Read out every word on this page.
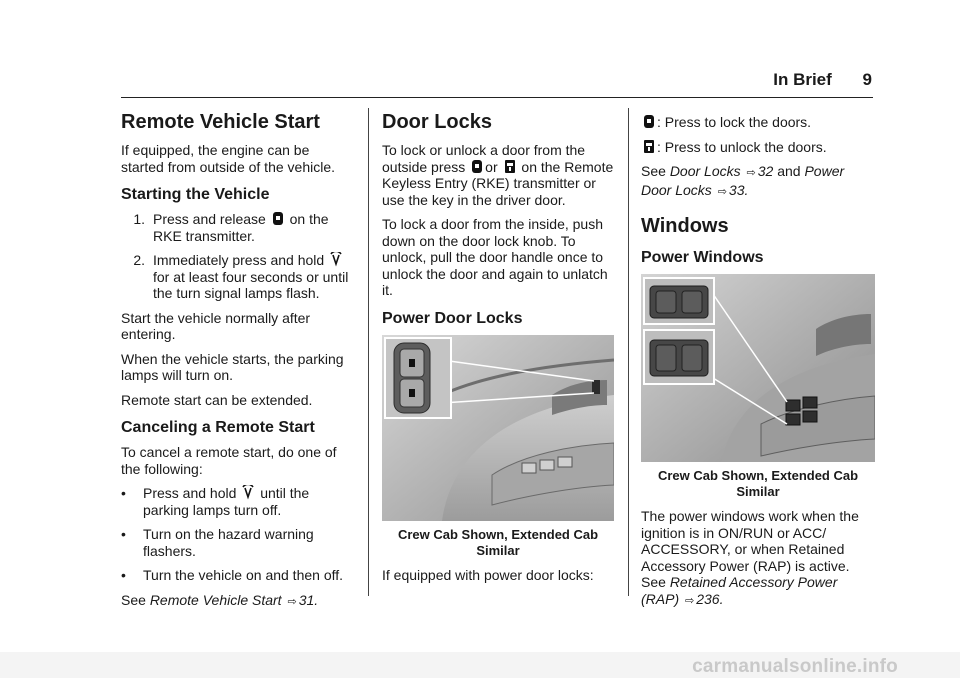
In Brief 9
Remote Vehicle Start

If equipped, the engine can be started from outside of the vehicle.

Starting the Vehicle
1. Press and release on the RKE transmitter.
2. Immediately press and hold
for at least four seconds or until the turn signal lamps flash.

Start the vehicle normally after entering.

When the vehicle starts, the parking lamps will turn on.

Remote start can be extended.

Canceling a Remote Start

To cancel a remote start, do one of the following:

•	Press and hold until the parking lamps turn off.
•	Turn on the hazard warning flashers.
•	Turn the vehicle on and then off.

See Remote Vehicle Start ⇨ 31.

Door Locks

To lock or unlock a door from the outside press or on the Remote Keyless Entry (RKE) transmitter or use the key in the driver door.

To lock a door from the inside, push down on the door lock knob. To unlock, pull the door handle once to unlock the door and again to unlatch it.

Power Door Locks
Crew Cab Shown, Extended Cab Similar

If equipped with power door locks:

: Press to lock the doors.

: Press to unlock the doors.

See Door Locks ⇨ 32 and Power Door Locks ⇨ 33.

Windows
Power Windows
Crew Cab Shown, Extended Cab Similar

The power windows work when the ignition is in ON/RUN or ACC/ ACCESSORY, or when Retained Accessory Power (RAP) is active.

See Retained Accessory Power (RAP) ⇨ 236.

carmanualsonline.info
